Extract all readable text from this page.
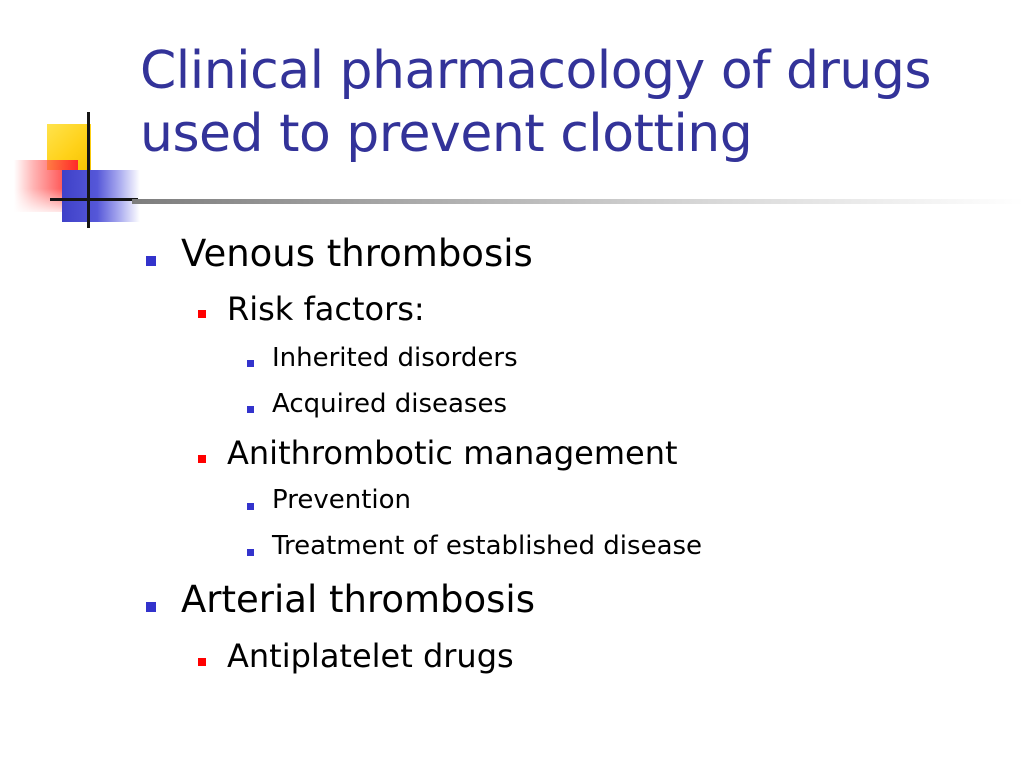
Clinical pharmacology of drugs
used to prevent clotting
Venous thrombosis
Risk factors:
Inherited disorders
Acquired diseases
Anithrombotic management
Prevention
Treatment of established disease
Arterial thrombosis
Antiplatelet drugs
